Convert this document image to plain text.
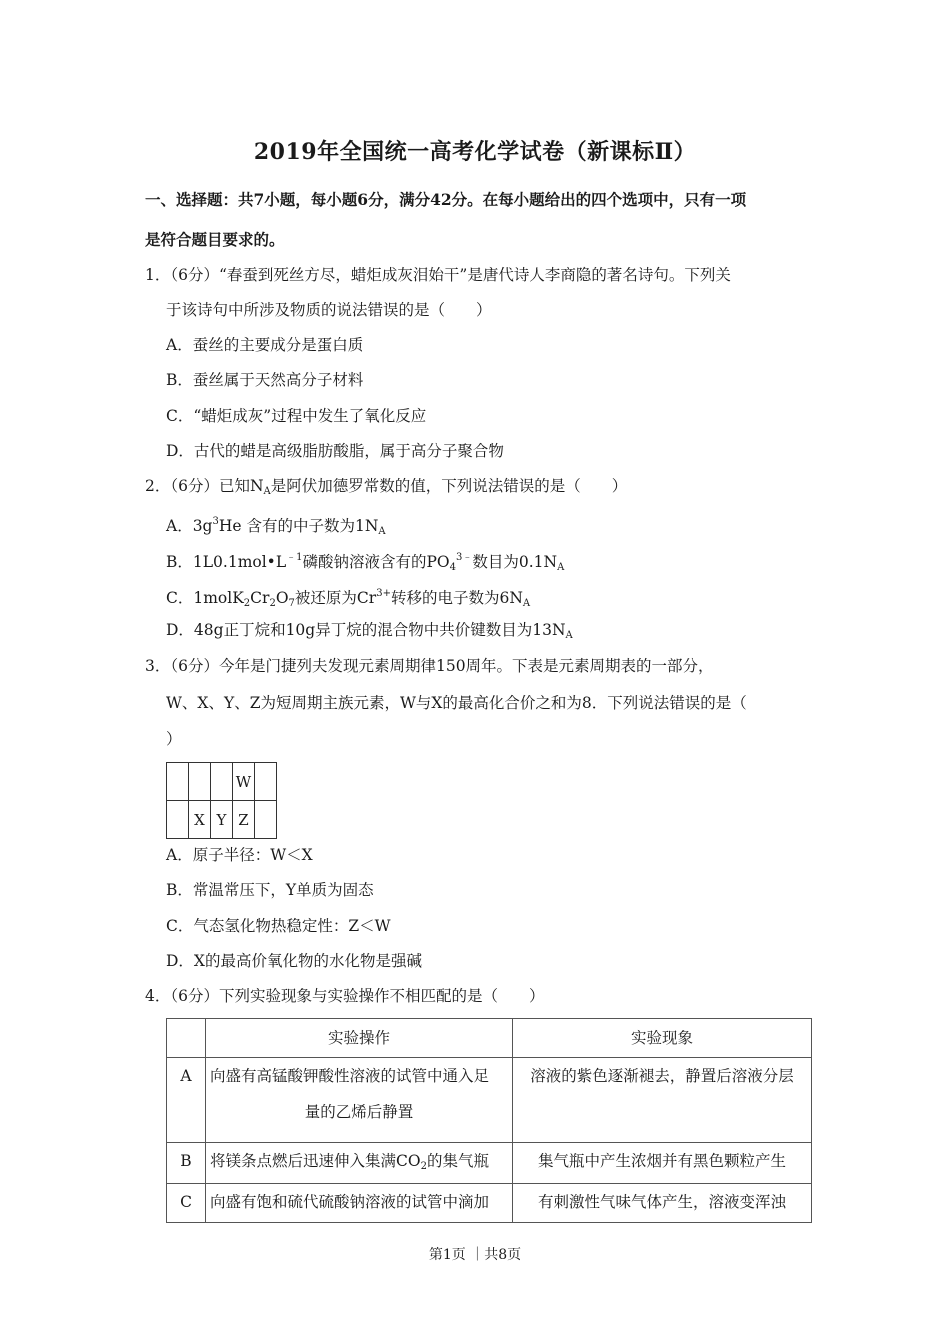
2019年全国统一高考化学试卷（新课标Ⅱ）
一、选择题：共7小题，每小题6分，满分42分。在每小题给出的四个选项中，只有一项
是符合题目要求的。
1．（6分）“春蚕到死丝方尽，蜡炬成灰泪始干”是唐代诗人李商隐的著名诗句。下列关
于该诗句中所涉及物质的说法错误的是（　　）
A．蚕丝的主要成分是蛋白质
B．蚕丝属于天然高分子材料
C．“蜡炬成灰”过程中发生了氧化反应
D．古代的蜡是高级脂肪酸脂，属于高分子聚合物
2．（6分）已知$N_A$是阿伏加德罗常数的值，下列说法错误的是（　　）
A．$3g^3He$ 含有的中子数为$1N_A$
B．$1L0.1mol•L^{﹣1}$磷酸钠溶液含有的$PO_4^{3﹣}$数目为$0.1N_A$
C．$1molK_2Cr_2O_7$被还原为$Cr^{3+}$转移的电子数为$6N_A$
D．48g正丁烷和10g异丁烷的混合物中共价键数目为$13N_A$
3．（6分）今年是门捷列夫发现元素周期律150周年。下表是元素周期表的一部分，
W、X、Y、Z为短周期主族元素，W与X的最高化合价之和为8．下列说法错误的是（
）
			W	
	X	Y	Z	
A．原子半径：W＜X
B．常温常压下，Y单质为固态
C．气态氢化物热稳定性：Z＜W
D．X的最高价氧化物的水化物是强碱
4．（6分）下列实验现象与实验操作不相匹配的是（　　）
	实验操作	实验现象
A	向盛有高锰酸钾酸性溶液的试管中通入足
量的乙烯后静置	溶液的紫色逐渐褪去，静置后溶液分层
B	将镁条点燃后迅速伸入集满$CO_2$的集气瓶	集气瓶中产生浓烟并有黑色颗粒产生
C	向盛有饱和硫代硫酸钠溶液的试管中滴加	有刺激性气味气体产生，溶液变浑浊
第1页 ｜共8页
